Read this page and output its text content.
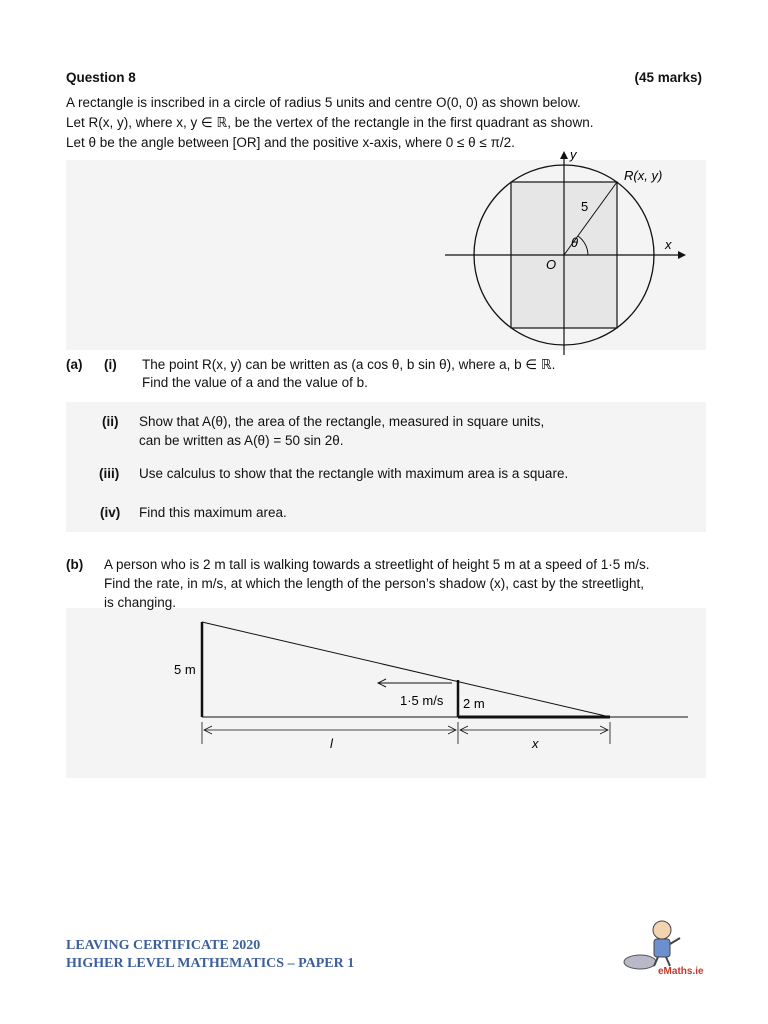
Question 8	(45 marks)
A rectangle is inscribed in a circle of radius 5 units and centre O(0, 0) as shown below.
Let R(x, y), where x, y ∈ ℝ, be the vertex of the rectangle in the first quadrant as shown.
Let θ be the angle between [OR] and the positive x-axis, where 0 ≤ θ ≤ π/2.
y
x
R(x, y)
O
5
θ
(a) (i) The point R(x, y) can be written as (a cos θ, b sin θ), where a, b ∈ ℝ.
Find the value of a and the value of b.
(ii) Show that A(θ), the area of the rectangle, measured in square units,
can be written as A(θ) = 50 sin 2θ.
(iii) Use calculus to show that the rectangle with maximum area is a square.
(iv) Find this maximum area.
(b) A person who is 2 m tall is walking towards a streetlight of height 5 m at a speed of 1·5 m/s.
Find the rate, in m/s, at which the length of the person’s shadow (x), cast by the streetlight,
is changing.
5 m
2 m
1·5 m/s
l	x
LEAVING CERTIFICATE 2020
HIGHER LEVEL MATHEMATICS – PAPER 1
eMaths.ie
